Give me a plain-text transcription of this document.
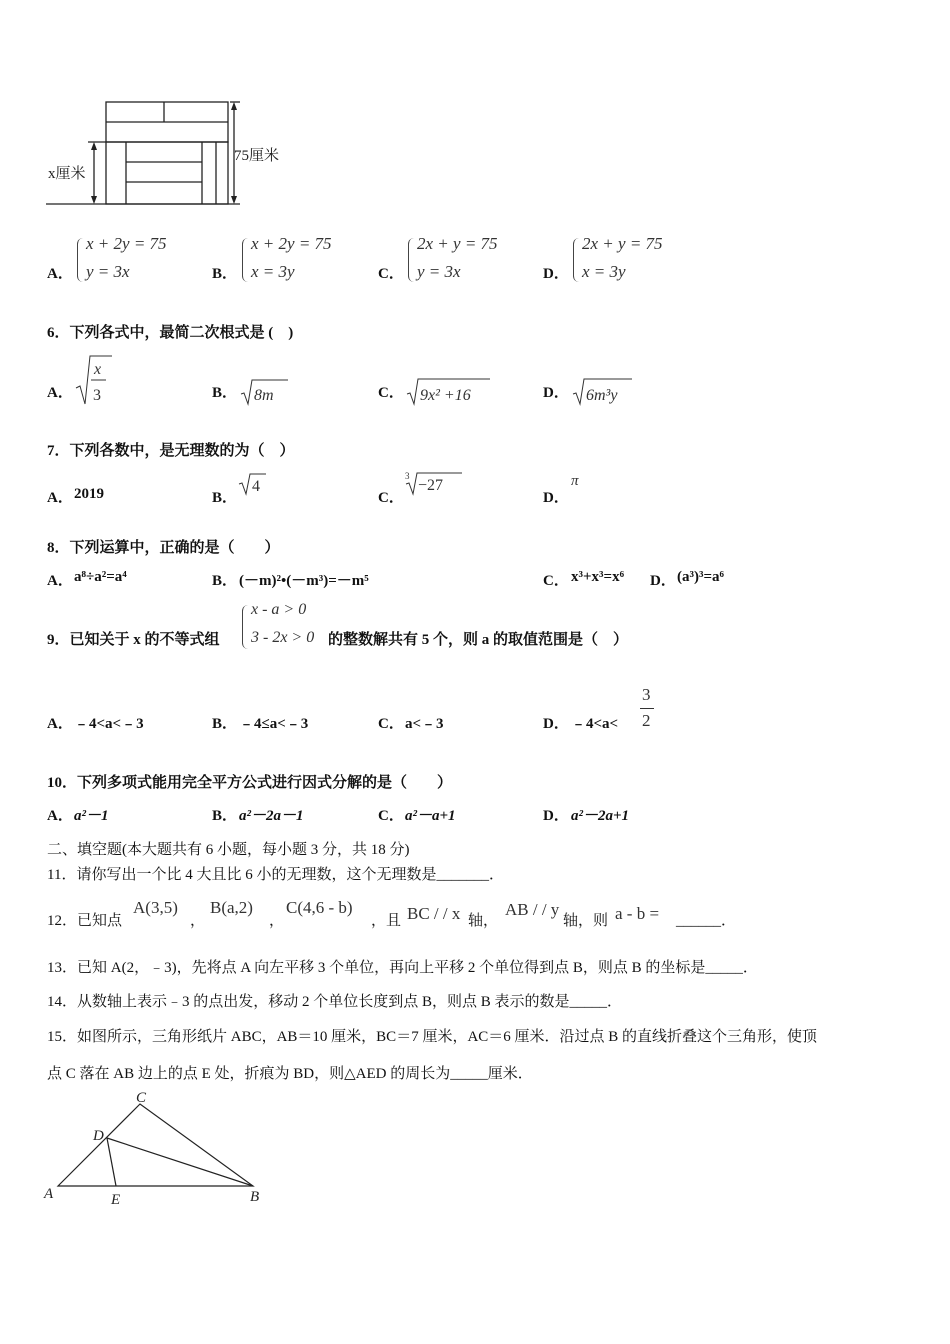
x厘米
75厘米
A．
x + 2y = 75
y = 3x	B．
x + 2y = 75
x = 3y	C．
2x + y = 75
y = 3x	D．
2x + y = 75
x = 3y
6．下列各式中，最简二次根式是 (　)
A．
x
3	B． 8m	C． 9x² +16	D． 6m³y
7．下列各数中，是无理数的为（　）
A． 2019	B．
4
C．
3
−27
D．
π
8．下列运算中，正确的是（　　）
A． a⁸÷a²=a⁴	B． (－m)²•(－m³)=－m⁵	C． x³+x³=x⁶ D． (a³)³=a⁶
9．已知关于 x 的不等式组
x - a > 0
3 - 2x > 0 的整数解共有 5 个，则 a 的取值范围是（　）
A． ﹣4<a<﹣3	B． ﹣4≤a<﹣3	C． a<﹣3	D． ﹣4<a<
3
2
10．下列多项式能用完全平方公式进行因式分解的是（　　）
A． a²－1	B． a²－2a－1	C． a²－a+1	D． a²－2a+1
二、填空题(本大题共有 6 小题，每小题 3 分，共 18 分)
11．请你写出一个比 4 大且比 6 小的无理数，这个无理数是_______．
12．已知点
A(3,5)
，
B(a,2)
，
C(4,6 - b)
，且 BC / / x 轴，
AB / / y
轴，则 a - b = ______．
13．已知 A(2，﹣3)，先将点 A 向左平移 3 个单位，再向上平移 2 个单位得到点 B，则点 B 的坐标是_____．
14．从数轴上表示﹣3 的点出发，移动 2 个单位长度到点 B，则点 B 表示的数是_____．
15．如图所示，三角形纸片 ABC，AB＝10 厘米，BC＝7 厘米，AC＝6 厘米．沿过点 B 的直线折叠这个三角形，使顶
点 C 落在 AB 边上的点 E 处，折痕为 BD，则△AED 的周长为_____厘米．
A
C
D
E	B
